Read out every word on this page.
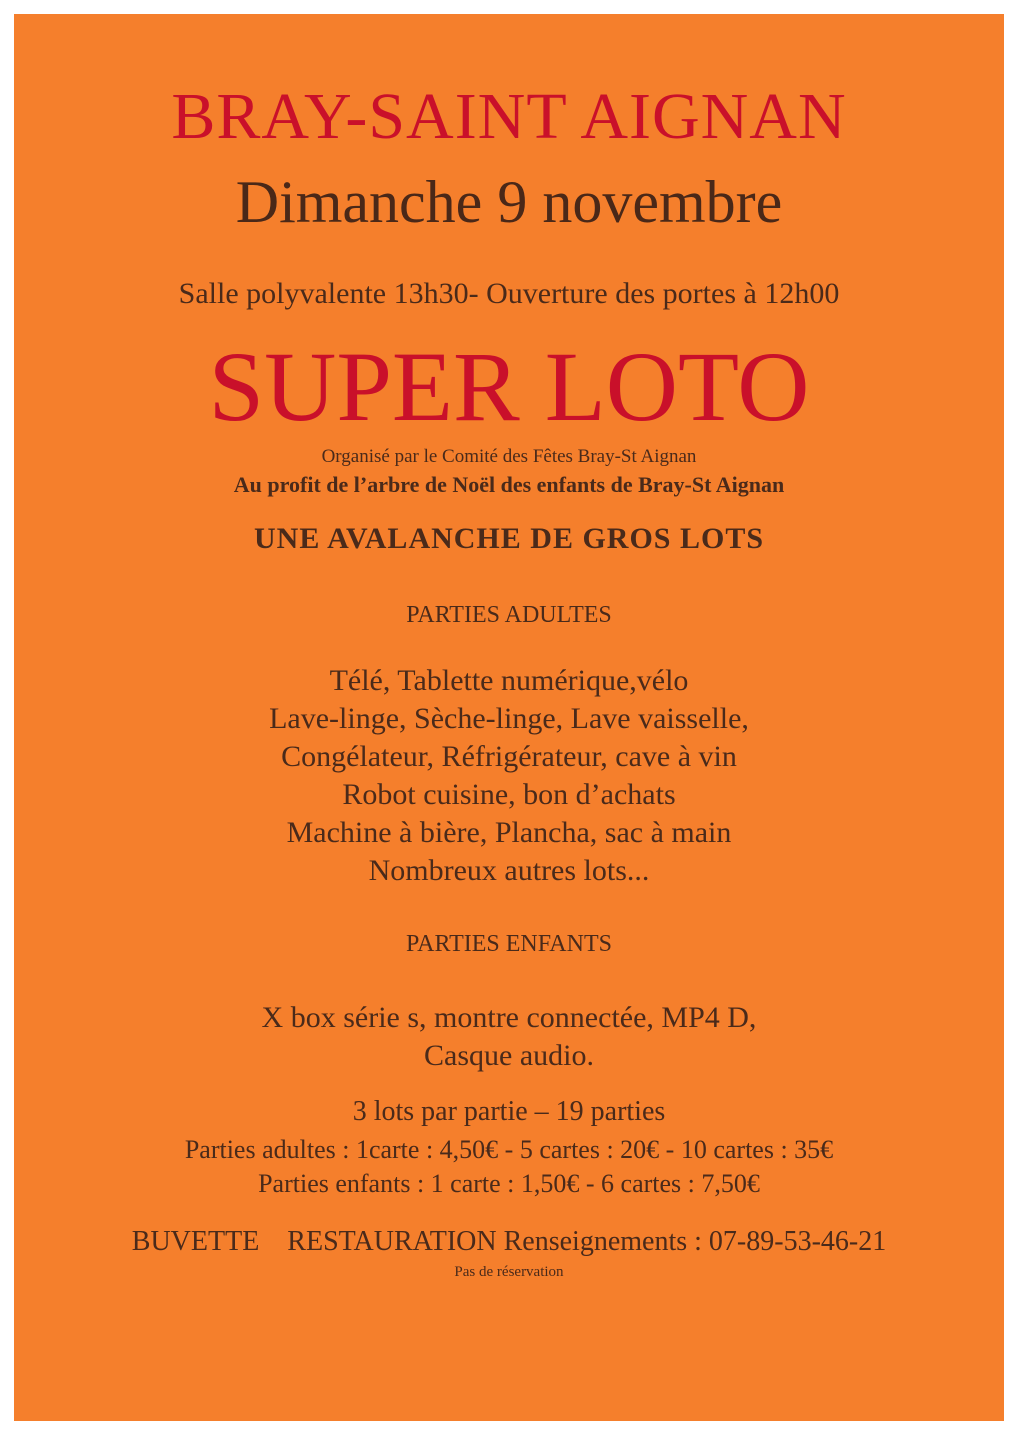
BRAY-SAINT AIGNAN
Dimanche 9 novembre
Salle polyvalente 13h30- Ouverture des portes à 12h00
SUPER LOTO
Organisé par le Comité des Fêtes Bray-St Aignan
Au profit de l’arbre de Noël des enfants de Bray-St Aignan
UNE AVALANCHE DE GROS LOTS
PARTIES ADULTES
Télé, Tablette numérique,vélo
Lave-linge, Sèche-linge, Lave vaisselle,
Congélateur, Réfrigérateur, cave à vin
Robot cuisine, bon d’achats
Machine à bière, Plancha, sac à main
Nombreux autres lots...
PARTIES ENFANTS
X box série s, montre connectée, MP4 D,
Casque audio.
3 lots par partie – 19 parties
Parties adultes : 1carte : 4,50€ - 5 cartes : 20€ - 10 cartes : 35€
Parties enfants : 1 carte : 1,50€ - 6 cartes : 7,50€
BUVETTE RESTAURATION Renseignements : 07-89-53-46-21
Pas de réservation
